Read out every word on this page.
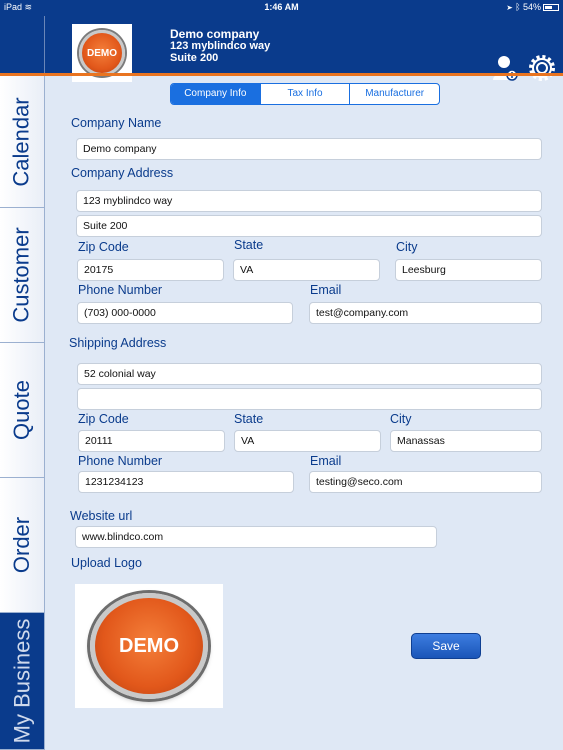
iPad ≋	1:46 AM	➤ ᛒ 54%
DEMO
Demo company
123 myblindco way
Suite 200
Calendar
Customer
Quote
Order
My Business
Company Info	Tax Info	Manufacturer
Company Name
Demo company
Company Address
123 myblindco way
Suite 200
Zip Code	State	City
20175	VA	Leesburg
Phone Number	Email
(703) 000-0000	test@company.com
Shipping Address
52 colonial way
Zip Code	State	City
20111	VA	Manassas
Phone Number	Email
1231234123	testing@seco.com
Website url
www.blindco.com
Upload Logo
DEMO	Save
